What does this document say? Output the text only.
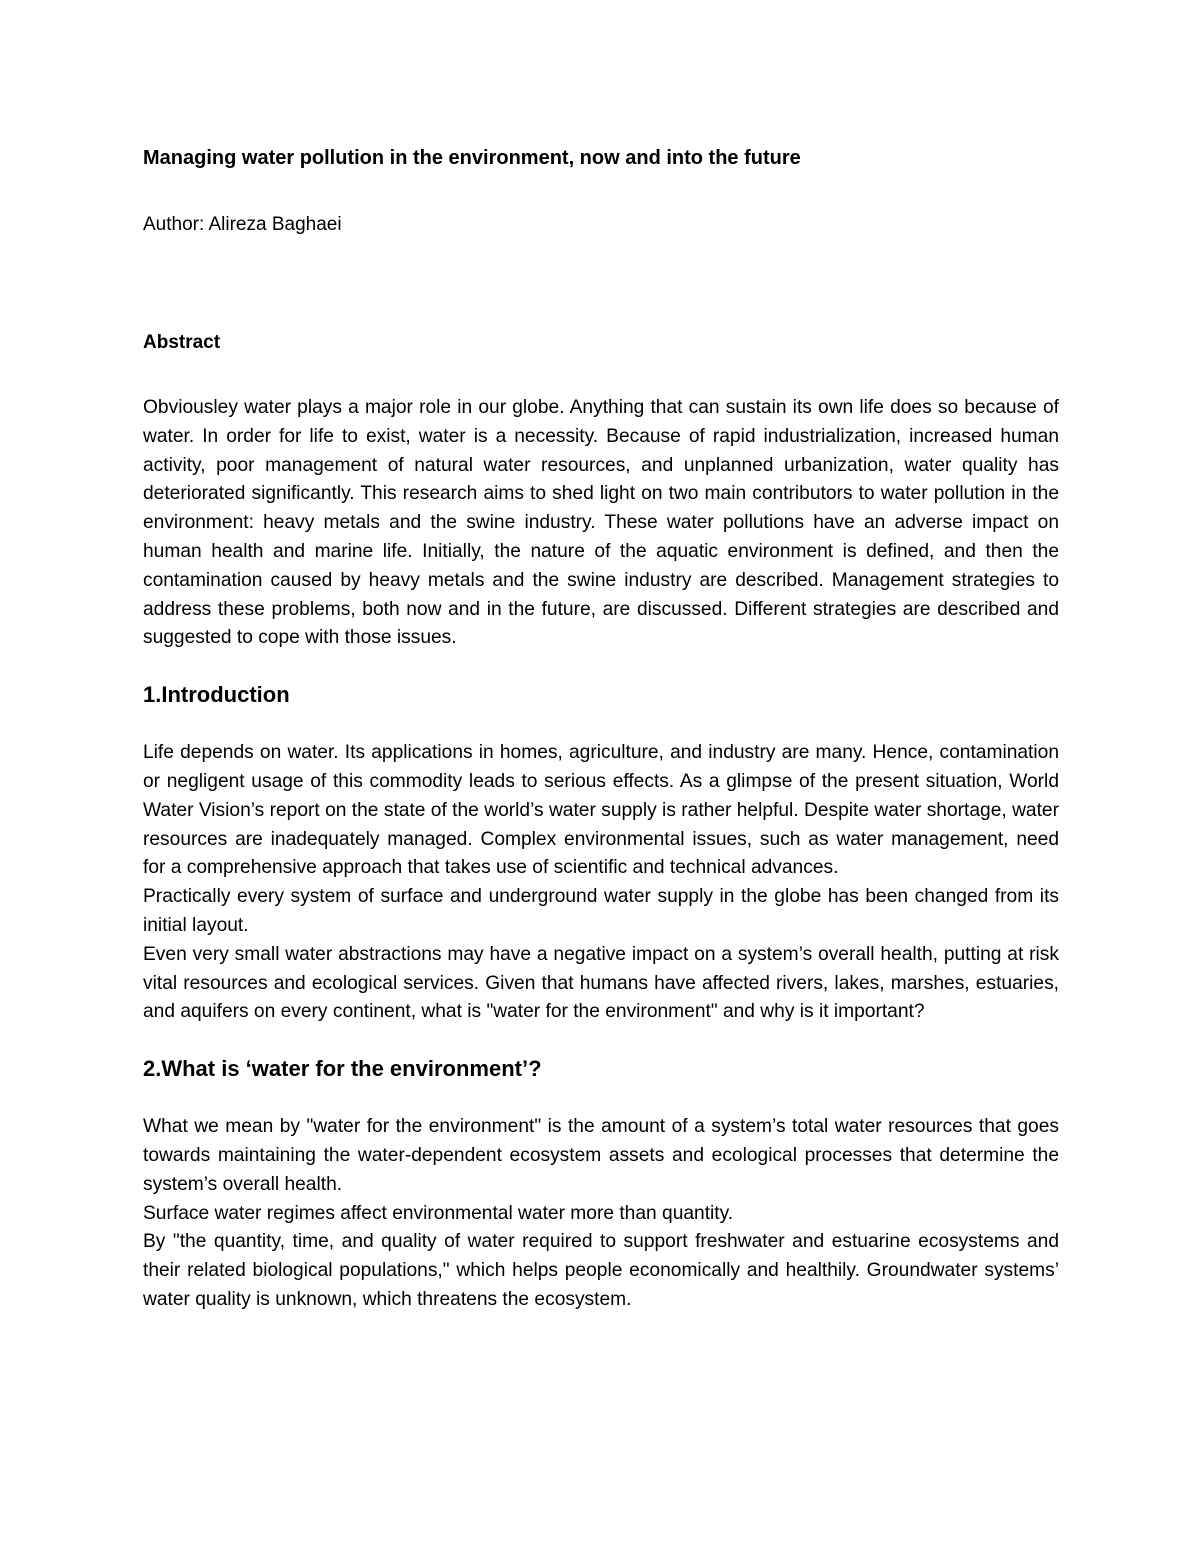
Managing water pollution in the environment, now and into the future

Author: Alireza Baghaei

Abstract

Obviousley water plays a major role in our globe. Anything that can sustain its own life does so because of water. In order for life to exist, water is a necessity. Because of rapid industrialization, increased human activity, poor management of natural water resources, and unplanned urbanization, water quality has deteriorated significantly. This research aims to shed light on two main contributors to water pollution in the environment: heavy metals and the swine industry. These water pollutions have an adverse impact on human health and marine life. Initially, the nature of the aquatic environment is defined, and then the contamination caused by heavy metals and the swine industry are described. Management strategies to address these problems, both now and in the future, are discussed. Different strategies are described and suggested to cope with those issues.

1.Introduction

Life depends on water. Its applications in homes, agriculture, and industry are many. Hence, contamination or negligent usage of this commodity leads to serious effects. As a glimpse of the present situation, World Water Vision’s report on the state of the world’s water supply is rather helpful. Despite water shortage, water resources are inadequately managed. Complex environmental issues, such as water management, need for a comprehensive approach that takes use of scientific and technical advances.

Practically every system of surface and underground water supply in the globe has been changed from its initial layout.

Even very small water abstractions may have a negative impact on a system’s overall health, putting at risk vital resources and ecological services. Given that humans have affected rivers, lakes, marshes, estuaries, and aquifers on every continent, what is "water for the environment" and why is it important?

2.What is ‘water for the environment’?

What we mean by "water for the environment" is the amount of a system’s total water resources that goes towards maintaining the water-dependent ecosystem assets and ecological processes that determine the system’s overall health.

Surface water regimes affect environmental water more than quantity.

By "the quantity, time, and quality of water required to support freshwater and estuarine ecosystems and their related biological populations," which helps people economically and healthily. Groundwater systems’ water quality is unknown, which threatens the ecosystem.
